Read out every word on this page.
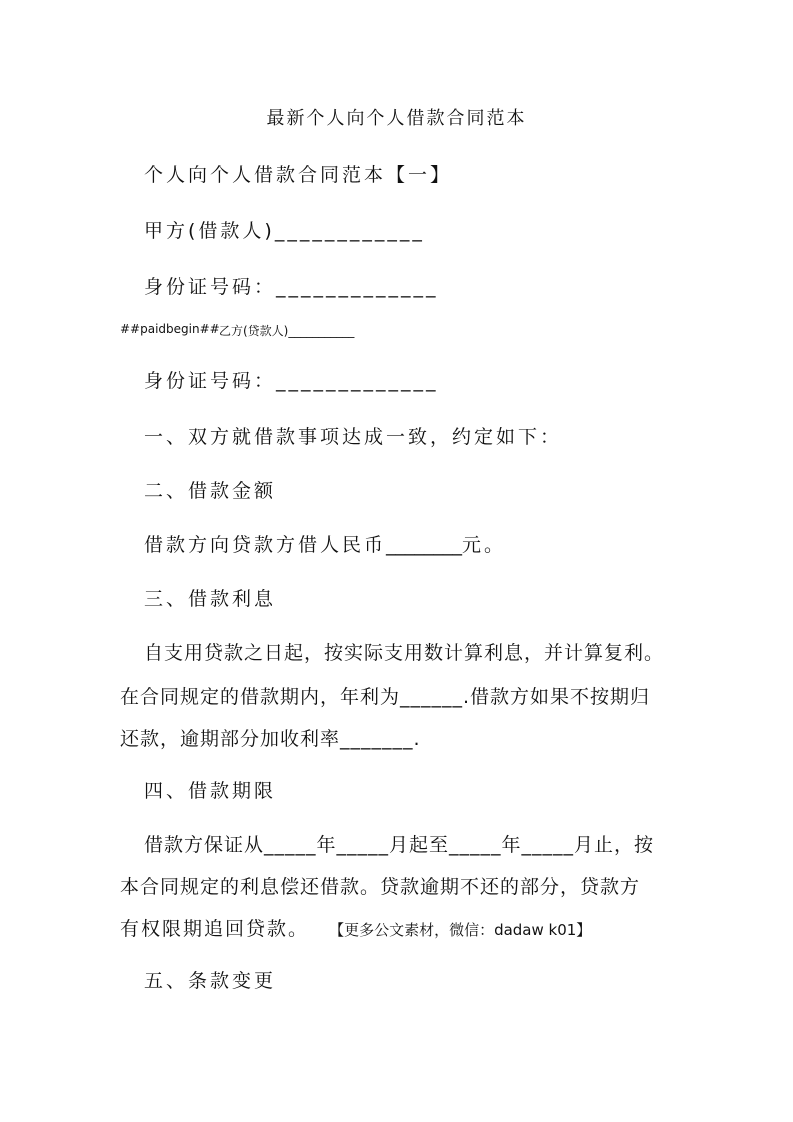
最新个人向个人借款合同范本
个人向个人借款合同范本【一】
甲方(借款人)____________
身份证号码：_____________
##paidbegin## 乙方(贷款人)___________
身份证号码：_____________
一、双方就借款事项达成一致，约定如下：
二、借款金额
借款方向贷款方借人民币________元。
三、借款利息
自支用贷款之日起，按实际支用数计算利息，并计算复利。
在合同规定的借款期内，年利为______.借款方如果不按期归
还款，逾期部分加收利率_______.
四、借款期限
借款方保证从_____年_____月起至_____年_____月止，按
本合同规定的利息偿还借款。贷款逾期不还的部分，贷款方
有权限期追回贷款。 【更多公文素材，微信：dadaw k01】
五、条款变更
